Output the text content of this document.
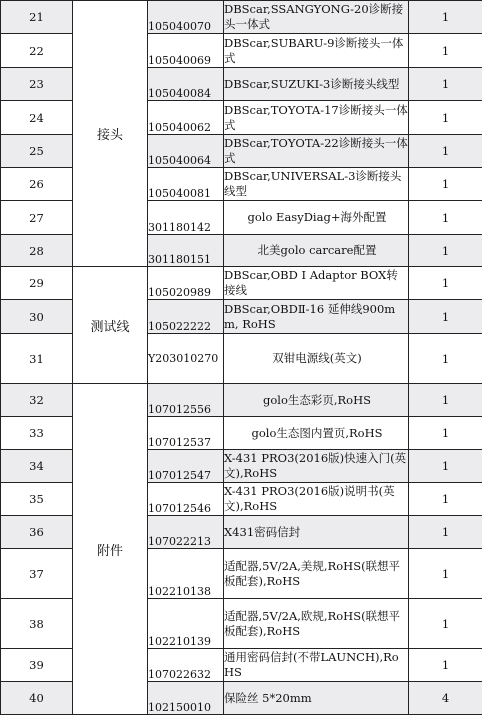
21	接头	105040070	DBScar,SSANGYONG-20诊断接头一体式	1
22		105040069	DBScar,SUBARU-9诊断接头一体式	1
23		105040084	DBScar,SUZUKI-3诊断接头线型	1
24		105040062	DBScar,TOYOTA-17诊断接头一体式	1
25		105040064	DBScar,TOYOTA-22诊断接头一体式	1
26		105040081	DBScar,UNIVERSAL-3诊断接头线型	1
27		301180142	golo EasyDiag+海外配置	1
28		301180151	北美golo carcare配置	1
29	测试线	105020989	DBScar,OBD I Adaptor BOX转接线	1
30		105022222	DBScar,OBDⅡ-16 延伸线900mm, RoHS	1
31		Y203010270	双钳电源线(英文)	1
32	附件	107012556	golo生态彩页,RoHS	1
33		107012537	golo生态图内置页,RoHS	1
34		107012547	X-431 PRO3(2016版)快速入门(英文),RoHS	1
35		107012546	X-431 PRO3(2016版)说明书(英文),RoHS	1
36		107022213	X431密码信封	1
37		102210138	适配器,5V/2A,美规,RoHS(联想平板配套),RoHS	1
38		102210139	适配器,5V/2A,欧规,RoHS(联想平板配套),RoHS	1
39		107022632	通用密码信封(不带LAUNCH),RoHS	1
40		102150010	保险丝 5*20mm	4
